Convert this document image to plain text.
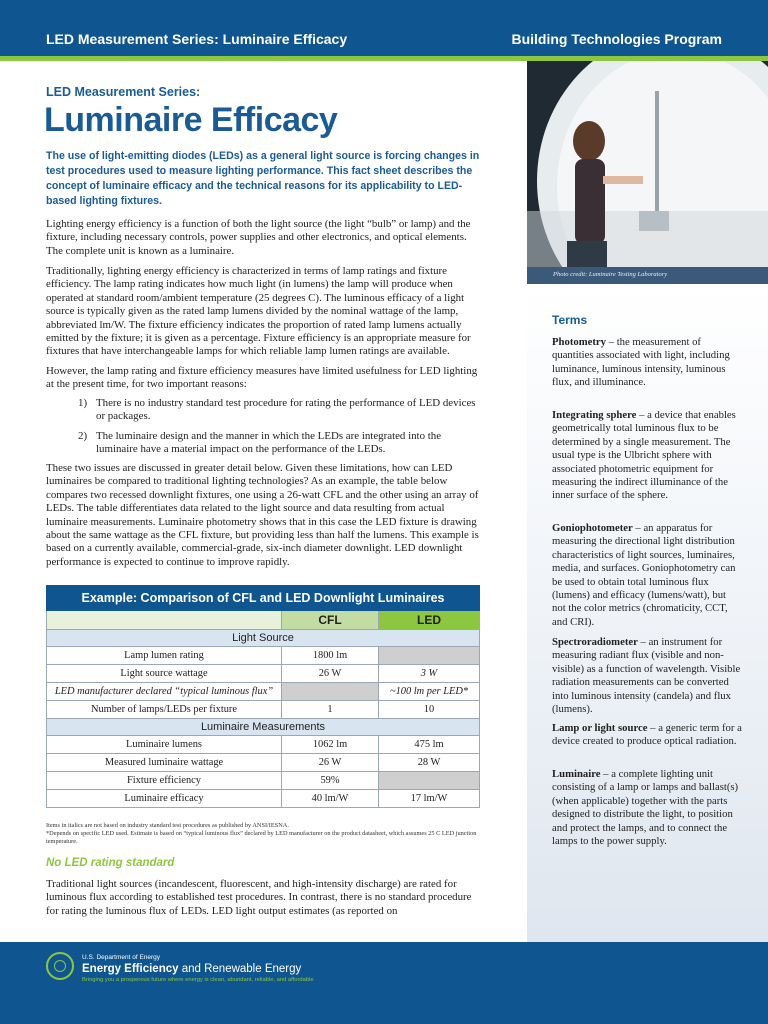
LED Measurement Series: Luminaire Efficacy	Building Technologies Program
LED Measurement Series:
Luminaire Efficacy
The use of light-emitting diodes (LEDs) as a general light source is forcing changes in test procedures used to measure lighting performance. This fact sheet describes the concept of luminaire efficacy and the technical reasons for its applicability to LED-based lighting fixtures.
Lighting energy efficiency is a function of both the light source (the light “bulb” or lamp) and the fixture, including necessary controls, power supplies and other electronics, and optical elements. The complete unit is known as a luminaire.
Traditionally, lighting energy efficiency is characterized in terms of lamp ratings and fixture efficiency. The lamp rating indicates how much light (in lumens) the lamp will produce when operated at standard room/ambient temperature (25 degrees C). The luminous efficacy of a light source is typically given as the rated lamp lumens divided by the nominal wattage of the lamp, abbreviated lm/W. The fixture efficiency indicates the proportion of rated lamp lumens actually emitted by the fixture; it is given as a percentage. Fixture efficiency is an appropriate measure for fixtures that have interchangeable lamps for which reliable lamp lumen ratings are available.
However, the lamp rating and fixture efficiency measures have limited usefulness for LED lighting at the present time, for two important reasons:
1) There is no industry standard test procedure for rating the performance of LED devices or packages.
2) The luminaire design and the manner in which the LEDs are integrated into the luminaire have a material impact on the performance of the LEDs.
These two issues are discussed in greater detail below. Given these limitations, how can LED luminaires be compared to traditional lighting technologies? As an example, the table below compares two recessed downlight fixtures, one using a 26-watt CFL and the other using an array of LEDs. The table differentiates data related to the light source and data resulting from actual luminaire measurements. Luminaire photometry shows that in this case the LED fixture is drawing about the same wattage as the CFL fixture, but providing less than half the lumens. This example is based on a currently available, commercial-grade, six-inch diameter downlight. LED downlight performance is expected to continue to improve rapidly.
Example: Comparison of CFL and LED Downlight Luminaires		
	CFL	LED
Light Source		
Lamp lumen rating	1800 lm	
Light source wattage	26 W	3 W
LED manufacturer declared “typical luminous flux”		~100 lm per LED*
Number of lamps/LEDs per fixture	1	10
Luminaire Measurements		
Luminaire lumens	1062 lm	475 lm
Measured luminaire wattage	26 W	28 W
Fixture efficiency	59%	
Luminaire efficacy	40 lm/W	17 lm/W
Items in italics are not based on industry standard test procedures as published by ANSI/IESNA.
*Depends on specific LED used. Estimate is based on “typical luminous flux” declared by LED manufacturer on the product datasheet, which assumes 25 C LED junction temperature.
No LED rating standard
Traditional light sources (incandescent, fluorescent, and high-intensity discharge) are rated for luminous flux according to established test procedures. In contrast, there is no standard procedure for rating the luminous flux of LEDs. LED light output estimates (as reported on
Photo credit: Luminaire Testing Laboratory
Terms
Photometry – the measurement of quantities associated with light, including luminance, luminous intensity, luminous flux, and illuminance.
Integrating sphere – a device that enables geometrically total luminous flux to be determined by a single measurement. The usual type is the Ulbricht sphere with associated photometric equipment for measuring the indirect illuminance of the inner surface of the sphere.
Goniophotometer – an apparatus for measuring the directional light distribution characteristics of light sources, luminaires, media, and surfaces. Goniophotometry can be used to obtain total luminous flux (lumens) and efficacy (lumens/watt), but not the color metrics (chromaticity, CCT, and CRI).
Spectroradiometer – an instrument for measuring radiant flux (visible and non-visible) as a function of wavelength. Visible radiation measurements can be converted into luminous intensity (candela) and flux (lumens).
Lamp or light source – a generic term for a device created to produce optical radiation.
Luminaire – a complete lighting unit consisting of a lamp or lamps and ballast(s) (when applicable) together with the parts designed to distribute the light, to position and protect the lamps, and to connect the lamps to the power supply.
U.S. Department of Energy
Energy Efficiency and Renewable Energy
Bringing you a prosperous future where energy is clean, abundant, reliable, and affordable
